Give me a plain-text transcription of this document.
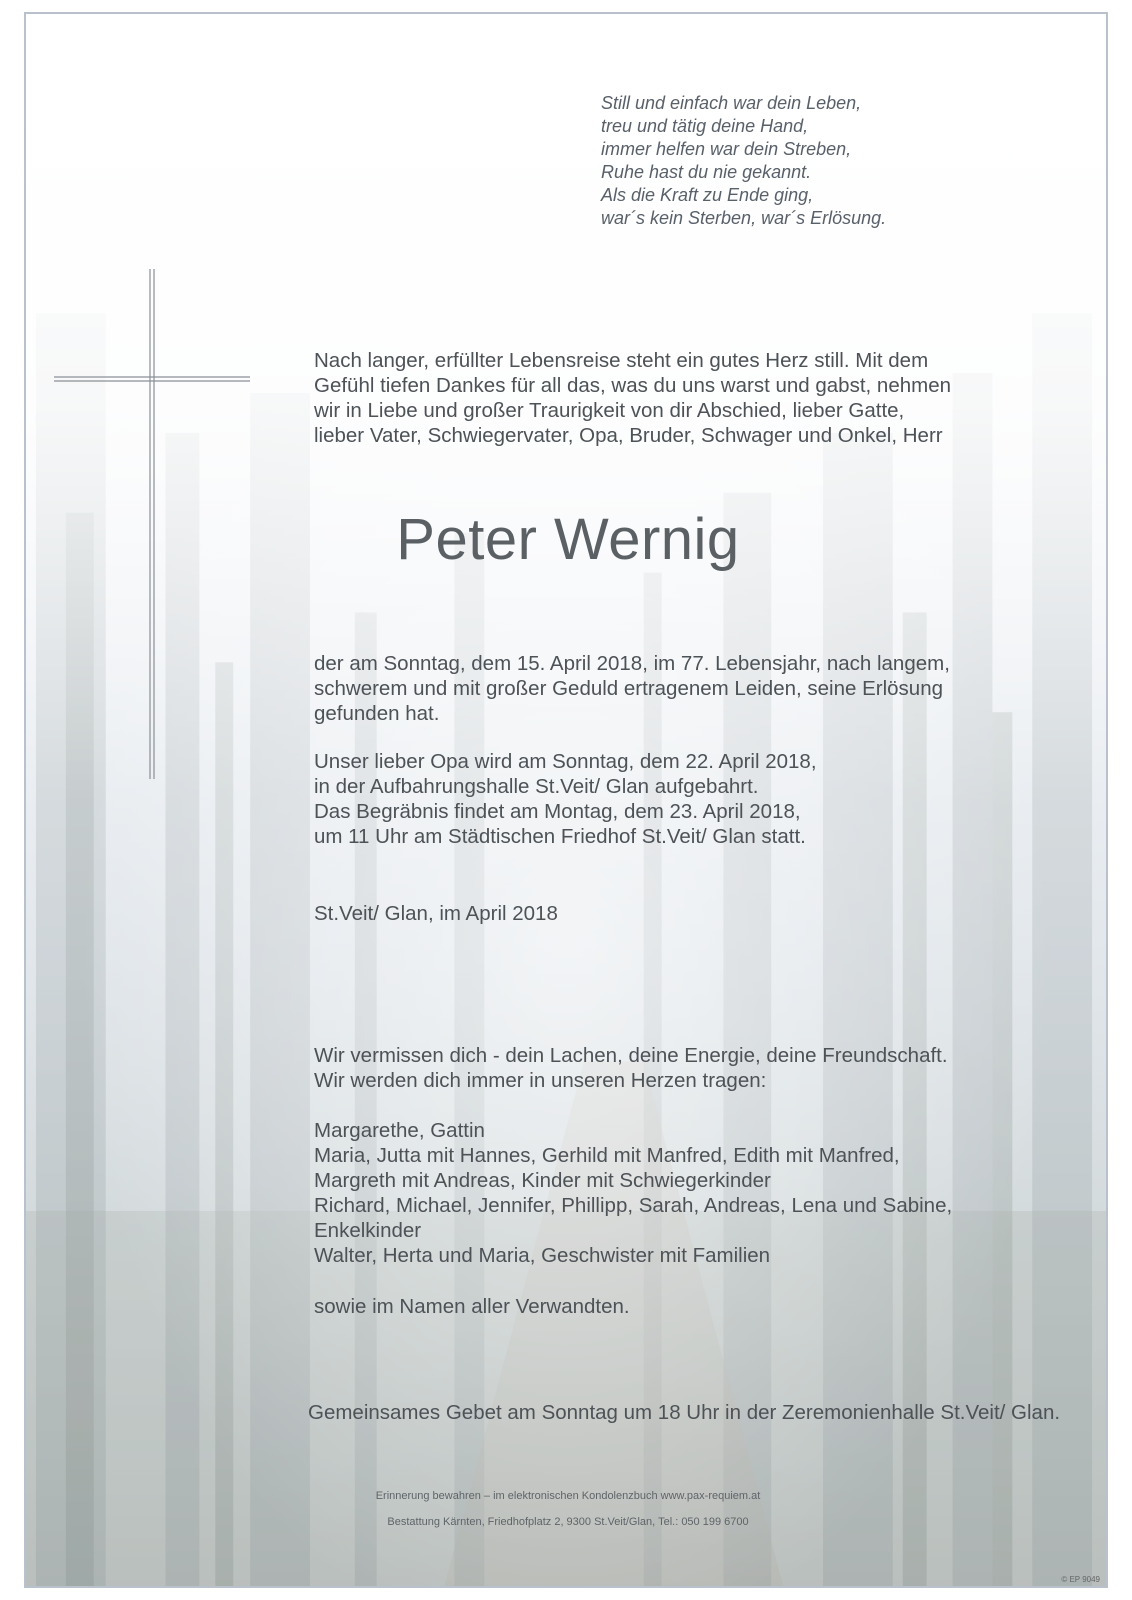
Still und einfach war dein Leben,
treu und tätig deine Hand,
immer helfen war dein Streben,
Ruhe hast du nie gekannt.
Als die Kraft zu Ende ging,
war´s kein Sterben, war´s Erlösung.
Nach langer, erfüllter Lebensreise steht ein gutes Herz still. Mit dem
Gefühl tiefen Dankes für all das, was du uns warst und gabst, nehmen
wir in Liebe und großer Traurigkeit von dir Abschied, lieber Gatte,
lieber Vater, Schwiegervater, Opa, Bruder, Schwager und Onkel, Herr
Peter Wernig
der am Sonntag, dem 15. April 2018, im 77. Lebensjahr, nach langem,
schwerem und mit großer Geduld ertragenem Leiden, seine Erlösung
gefunden hat.
Unser lieber Opa wird am Sonntag, dem 22. April 2018,
in der Aufbahrungshalle St.Veit/ Glan aufgebahrt.
Das Begräbnis findet am Montag, dem 23. April 2018,
um 11 Uhr am Städtischen Friedhof St.Veit/ Glan statt.
St.Veit/ Glan, im April 2018
Wir vermissen dich - dein Lachen, deine Energie, deine Freundschaft.
Wir werden dich immer in unseren Herzen tragen:
Margarethe, Gattin
Maria, Jutta mit Hannes, Gerhild mit Manfred, Edith mit Manfred,
Margreth mit Andreas, Kinder mit Schwiegerkinder
Richard, Michael, Jennifer, Phillipp, Sarah, Andreas, Lena und Sabine,
Enkelkinder
Walter, Herta und Maria, Geschwister mit Familien
sowie im Namen aller Verwandten.
Gemeinsames Gebet am Sonntag um 18 Uhr in der Zeremonienhalle St.Veit/ Glan.
Erinnerung bewahren – im elektronischen Kondolenzbuch www.pax-requiem.at
Bestattung Kärnten, Friedhofplatz 2, 9300 St.Veit/Glan, Tel.: 050 199 6700
© EP 9049
